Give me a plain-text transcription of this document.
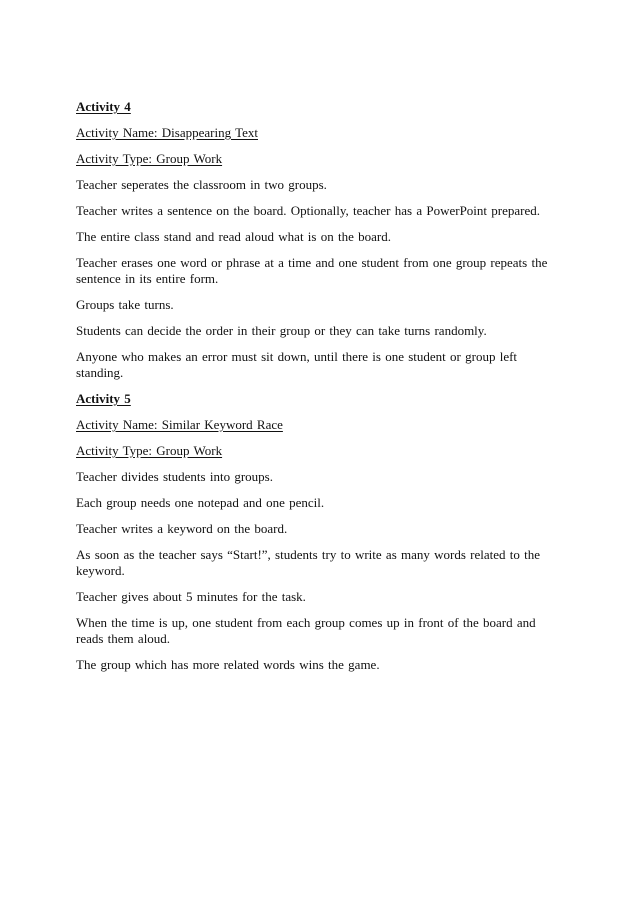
Activity 4

Activity Name: Disappearing Text

Activity Type: Group Work

Teacher seperates the classroom in two groups.

Teacher writes a sentence on the board. Optionally, teacher has a PowerPoint prepared.

The entire class stand and read aloud what is on the board.

Teacher erases one word or phrase at a time and one student from one group repeats the sentence in its entire form.

Groups take turns.

Students can decide the order in their group or they can take turns randomly.

Anyone who makes an error must sit down, until there is one student or group left standing.

Activity 5

Activity Name: Similar Keyword Race

Activity Type: Group Work

Teacher divides students into groups.

Each group needs one notepad and one pencil.

Teacher writes a keyword on the board.

As soon as the teacher says “Start!”, students try to write as many words related to the keyword.

Teacher gives about 5 minutes for the task.

When the time is up, one student from each group comes up in front of the board and reads them aloud.

The group which has more related words wins the game.
